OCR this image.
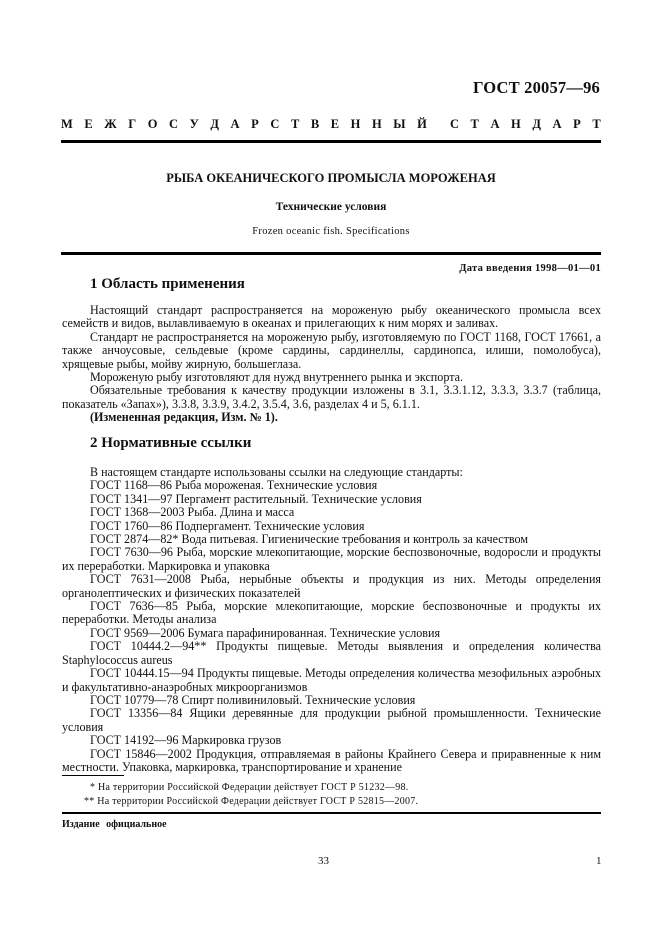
ГОСТ 20057—96
М Е Ж Г О С У Д А Р С Т В Е Н Н Ы Й С Т А Н Д А Р Т
РЫБА ОКЕАНИЧЕСКОГО ПРОМЫСЛА МОРОЖЕНАЯ
Технические условия
Frozen oceanic fish. Specifications
Дата введения 1998—01—01
1 Область применения

Настоящий стандарт распространяется на мороженую рыбу океанического промысла всех семейств и видов, вылавливаемую в океанах и прилегающих к ним морях и заливах.

Стандарт не распространяется на мороженую рыбу, изготовляемую по ГОСТ 1168, ГОСТ 17661, а также анчоусовые, сельдевые (кроме сардины, сардинеллы, сардинопса, илиши, помолобуса), хрящевые рыбы, мойву жирную, большеглаза.

Мороженую рыбу изготовляют для нужд внутреннего рынка и экспорта.

Обязательные требования к качеству продукции изложены в 3.1, 3.3.1.12, 3.3.3, 3.3.7 (таблица, показатель «Запах»), 3.3.8, 3.3.9, 3.4.2, 3.5.4, 3.6, разделах 4 и 5, 6.1.1.

(Измененная редакция, Изм. № 1).

2 Нормативные ссылки

В настоящем стандарте использованы ссылки на следующие стандарты:

ГОСТ 1168—86 Рыба мороженая. Технические условия

ГОСТ 1341—97 Пергамент растительный. Технические условия

ГОСТ 1368—2003 Рыба. Длина и масса

ГОСТ 1760—86 Подпергамент. Технические условия

ГОСТ 2874—82* Вода питьевая. Гигиенические требования и контроль за качеством

ГОСТ 7630—96 Рыба, морские млекопитающие, морские беспозвоночные, водоросли и продукты их переработки. Маркировка и упаковка

ГОСТ 7631—2008 Рыба, нерыбные объекты и продукция из них. Методы определения органолептических и физических показателей

ГОСТ 7636—85 Рыба, морские млекопитающие, морские беспозвоночные и продукты их переработки. Методы анализа

ГОСТ 9569—2006 Бумага парафинированная. Технические условия

ГОСТ 10444.2—94** Продукты пищевые. Методы выявления и определения количества Staphylococcus aureus

ГОСТ 10444.15—94 Продукты пищевые. Методы определения количества мезофильных аэробных и факультативно-анаэробных микроорганизмов

ГОСТ 10779—78 Спирт поливиниловый. Технические условия

ГОСТ 13356—84 Ящики деревянные для продукции рыбной промышленности. Технические условия

ГОСТ 14192—96 Маркировка грузов

ГОСТ 15846—2002 Продукция, отправляемая в районы Крайнего Севера и приравненные к ним местности. Упаковка, маркировка, транспортирование и хранение

* На территории Российской Федерации действует ГОСТ Р 51232—98.

** На территории Российской Федерации действует ГОСТ Р 52815—2007.

Издание официальное
33	1
